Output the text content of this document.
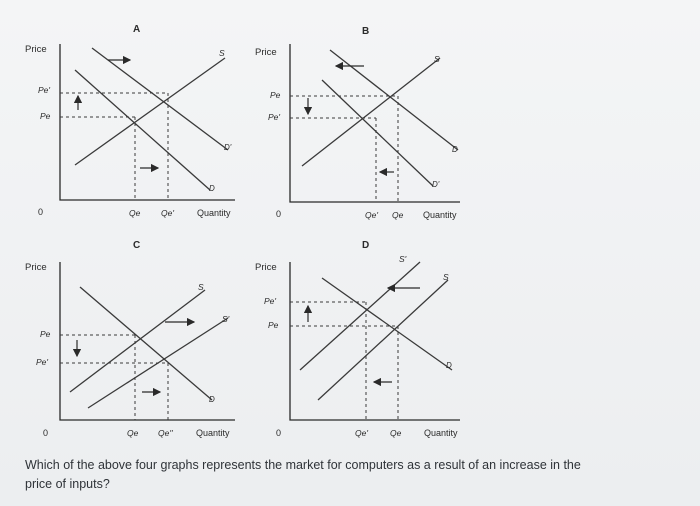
A
Price
Pe'
Pe
S
D'
D
0	Qe Qe'	Quantity
B
Price
Pe
Pe'
S
D
D'
0	Qe' Qe Quantity
C
Price
Pe
Pe'
S
S'
D
0	Qe Qe''	Quantity
D
Price
Pe'
Pe
S'
S
D
0	Qe'	Qe	Quantity
Which of the above four graphs represents the market for computers as a result of an increase in the price of inputs?
